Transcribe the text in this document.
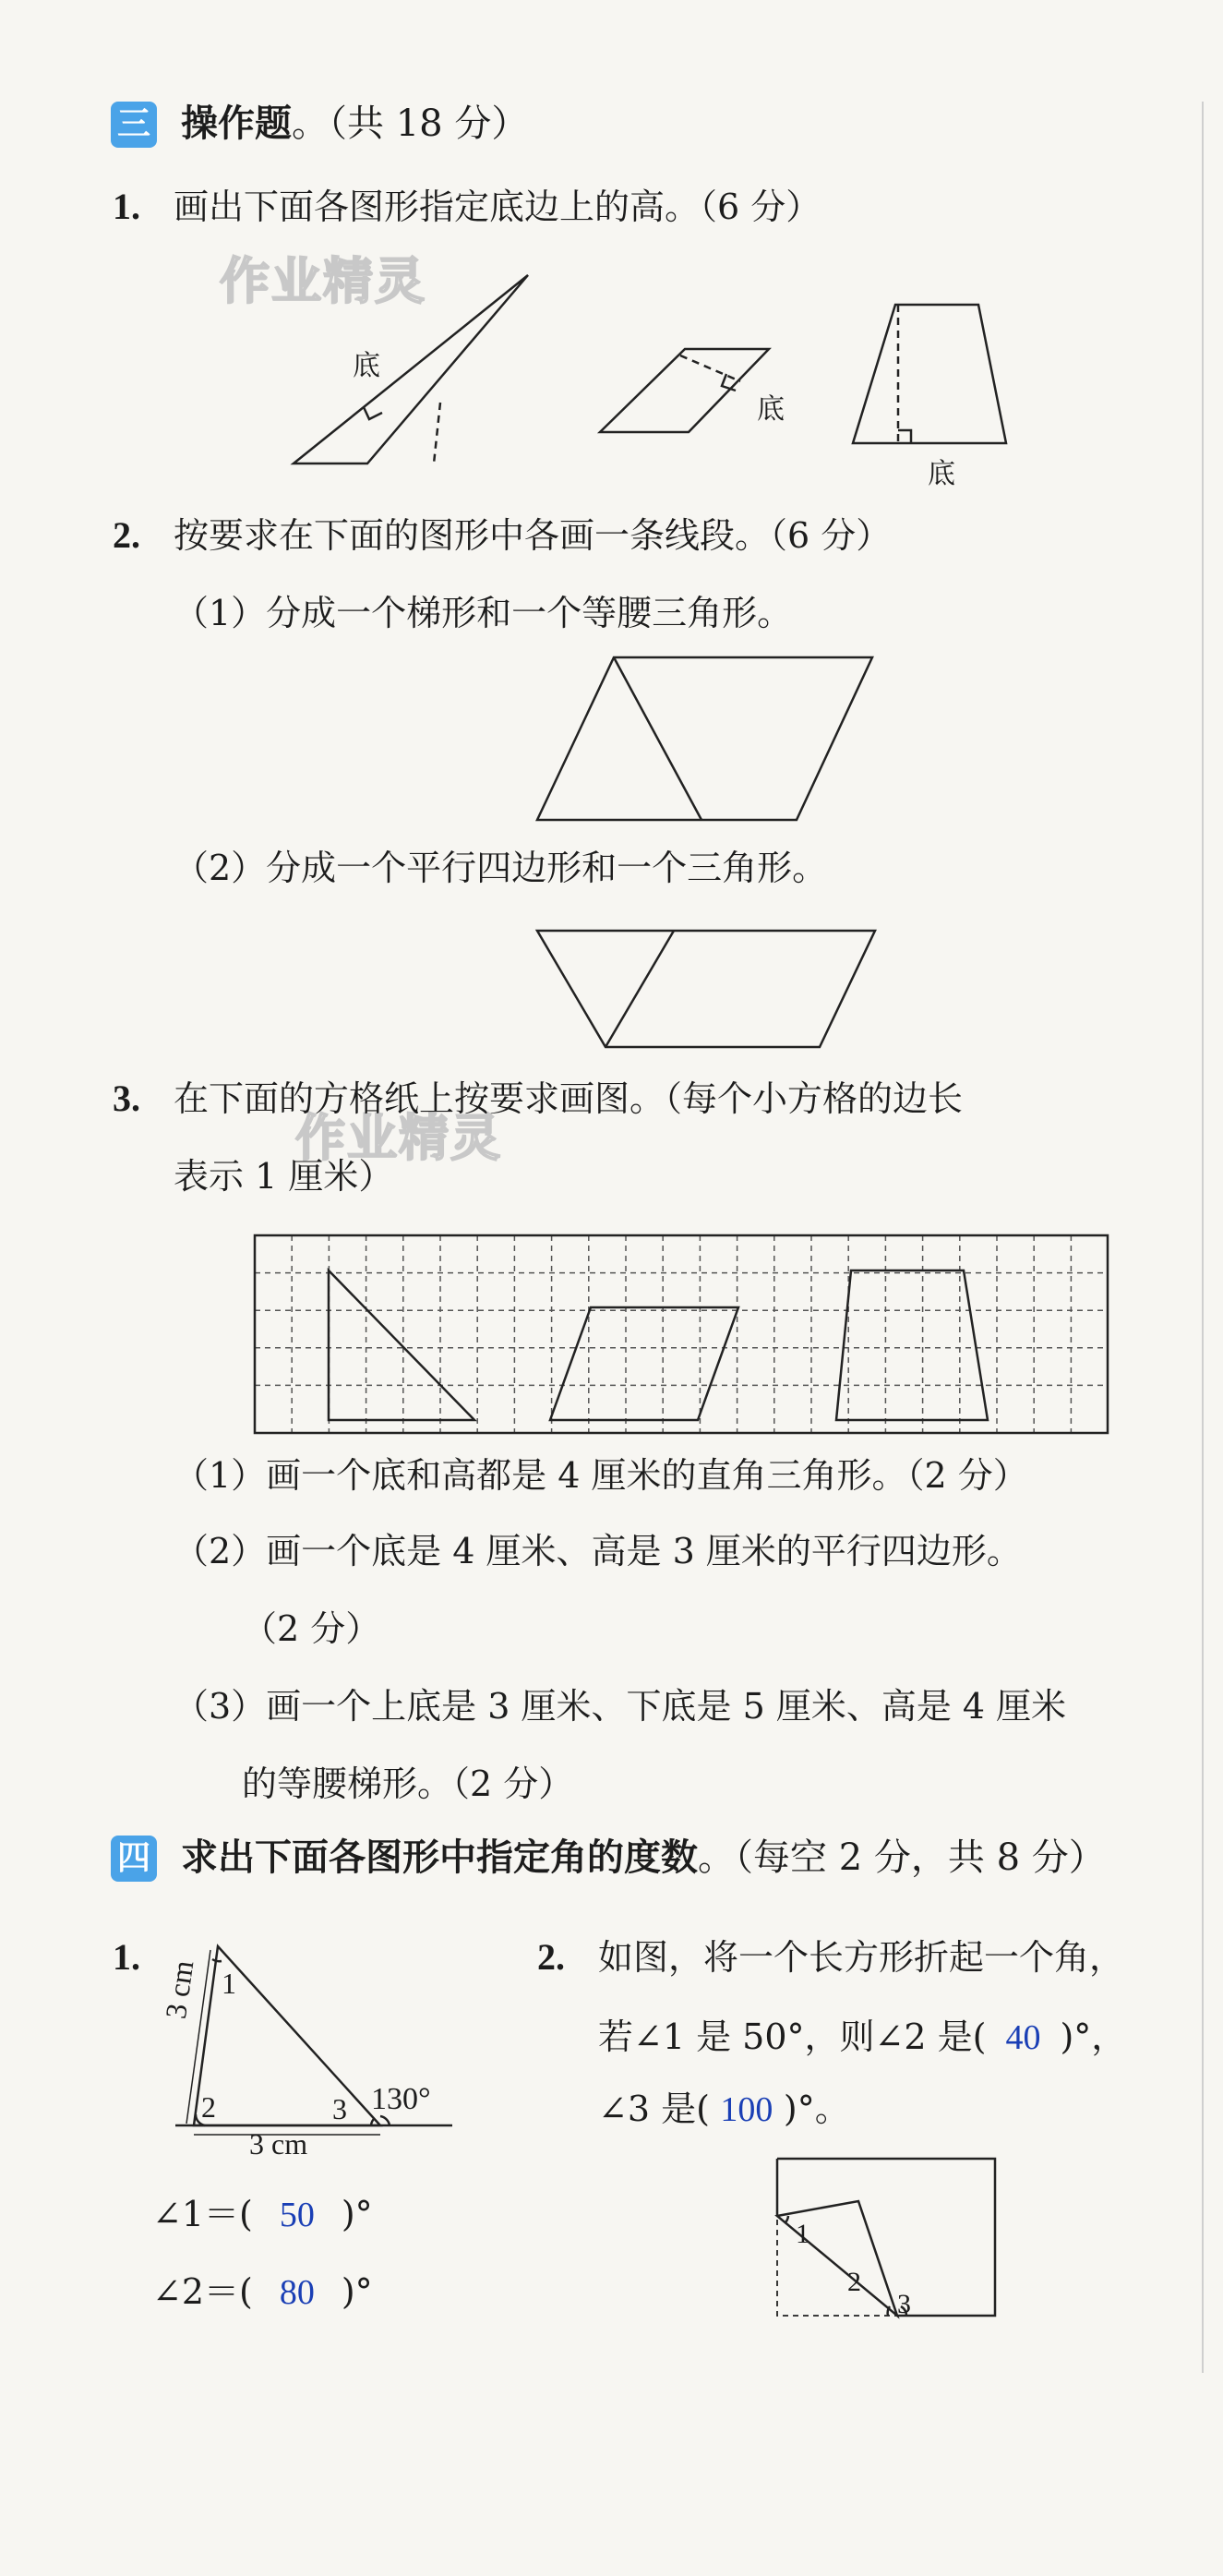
三 操作题。（共 18 分）
1. 画出下面各图形指定底边上的高。（6 分）
作业精灵
底
底
底
2. 按要求在下面的图形中各画一条线段。（6 分）
（1）分成一个梯形和一个等腰三角形。
（2）分成一个平行四边形和一个三角形。
作业精灵
3. 在下面的方格纸上按要求画图。（每个小方格的边长
表示 1 厘米）
（1）画一个底和高都是 4 厘米的直角三角形。（2 分）
（2）画一个底是 4 厘米、高是 3 厘米的平行四边形。
（2 分）
（3）画一个上底是 3 厘米、下底是 5 厘米、高是 4 厘米
的等腰梯形。（2 分）
四 求出下面各图形中指定角的度数。（每空 2 分，共 8 分）
1.
3 cm
3 cm
130°
1
2	3
∠1＝( 50 )°
∠2＝( 80 )°
2. 如图，将一个长方形折起一个角，
若∠1 是 50°，则∠2 是( 40 )°，
∠3 是( 100 )°。
1
2
3
